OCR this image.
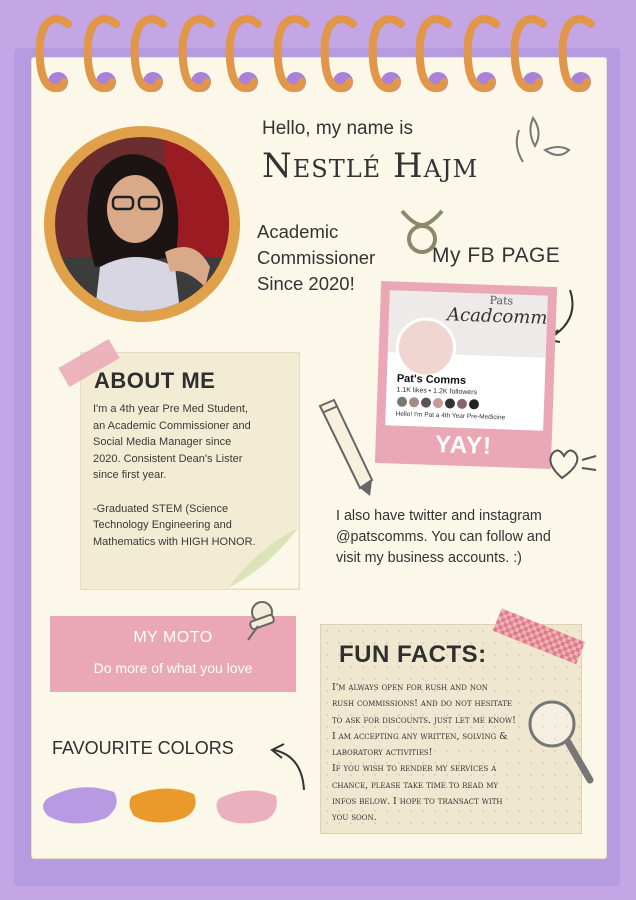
Hello, my name is
Nestlé Hajm
Academic
Commissioner
Since 2020!
My FB PAGE
Pats
Acadcomm
Pat's Comms
1.1K likes • 1.2K followers
Hello! I'm Pat a 4th Year Pre-Medicine
YAY!
ABOUT ME
I'm a 4th year Pre Med Student, an Academic Commissioner and Social Media Manager since 2020. Consistent Dean's Lister since first year.

-Graduated STEM (Science Technology Engineering and Mathematics with HIGH HONOR.
I also have twitter and instagram @patscomms. You can follow and visit my business accounts. :)
MY MOTO
Do more of what you love
FAVOURITE COLORS
FUN FACTS:
I'm always open for rush and non
rush commissions! and do not hesitate
to ask for discounts. just let me know!
I am accepting any written, solving &
laboratory activities!
If you wish to render my services a
chance, please take time to read my
infos below. I hope to transact with
you soon.
